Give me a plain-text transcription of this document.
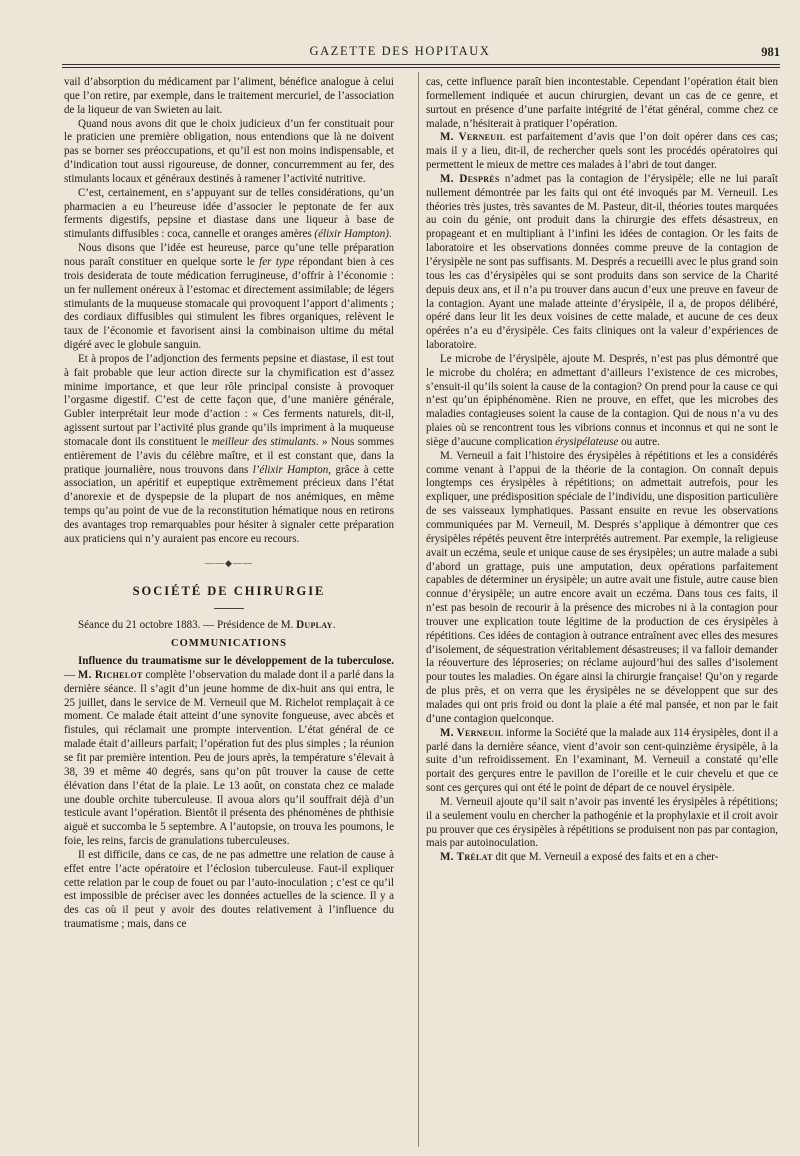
GAZETTE DES HOPITAUX	981

vail d’absorption du médicament par l’aliment, bénéfice analogue à celui que l’on retire, par exemple, dans le traitement mercuriel, de l’association de la liqueur de van Swieten au lait.

Quand nous avons dit que le choix judicieux d’un fer constituait pour le praticien une première obligation, nous entendions que là ne doivent pas se borner ses préoccupations, et qu’il est non moins indispensable, et d’indication tout aussi rigoureuse, de donner, concurremment au fer, des stimulants locaux et généraux destinés à ramener l’activité nutritive.

C’est, certainement, en s’appuyant sur de telles considérations, qu’un pharmacien a eu l’heureuse idée d’associer le peptonate de fer aux ferments digestifs, pepsine et diastase dans une liqueur à base de stimulants diffusibles : coca, cannelle et oranges amères (élixir Hampton).

Nous disons que l’idée est heureuse, parce qu’une telle préparation nous paraît constituer en quelque sorte le fer type répondant bien à ces trois desiderata de toute médication ferrugineuse, d’offrir à l’économie : un fer nullement onéreux à l’estomac et directement assimilable; de légers stimulants de la muqueuse stomacale qui provoquent l’apport d’aliments ; des cordiaux diffusibles qui stimulent les fibres organiques, relèvent le taux de l’économie et favorisent ainsi la combinaison ultime du métal digéré avec le globule sanguin.

Et à propos de l’adjonction des ferments pepsine et diastase, il est tout à fait probable que leur action directe sur la chymification est d’assez minime importance, et que leur rôle principal consiste à provoquer l’orgasme digestif. C’est de cette façon que, d’une manière générale, Gubler interprétait leur mode d’action : « Ces ferments naturels, dit-il, agissent surtout par l’activité plus grande qu’ils impriment à la muqueuse stomacale dont ils constituent le meilleur des stimulants. » Nous sommes entièrement de l’avis du célèbre maître, et il est constant que, dans la pratique journalière, nous trouvons dans l’élixir Hampton, grâce à cette association, un apéritif et eupeptique extrêmement précieux dans l’état d’anorexie et de dyspepsie de la plupart de nos anémiques, en même temps qu’au point de vue de la reconstitution hématique nous en retirons des avantages trop remarquables pour hésiter à signaler cette préparation aux praticiens qui n’y auraient pas encore eu recours.

——◆——
SOCIÉTÉ DE CHIRURGIE

Séance du 21 octobre 1883. — Présidence de M. Duplay.

COMMUNICATIONS

Influence du traumatisme sur le développement de la tuberculose. — M. Richelot complète l’observation du malade dont il a parlé dans la dernière séance. Il s’agit d’un jeune homme de dix-huit ans qui entra, le 25 juillet, dans le service de M. Verneuil que M. Richelot remplaçait à ce moment. Ce malade était atteint d’une synovite fongueuse, avec abcès et fistules, qui réclamait une prompte intervention. L’état général de ce malade était d’ailleurs parfait; l’opération fut des plus simples ; la réunion se fit par première intention. Peu de jours après, la température s’élevait à 38, 39 et même 40 degrés, sans qu’on pût trouver la cause de cette élévation dans l’état de la plaie. Le 13 août, on constata chez ce malade une double orchite tuberculeuse. Il avoua alors qu’il souffrait déjà d’un testicule avant l’opération. Bientôt il présenta des phénomènes de phthisie aiguë et succomba le 5 septembre. A l’autopsie, on trouva les poumons, le foie, les reins, farcis de granulations tuberculeuses.

Il est difficile, dans ce cas, de ne pas admettre une relation de cause à effet entre l’acte opératoire et l’éclosion tuberculeuse. Faut-il expliquer cette relation par le coup de fouet ou par l’auto-inoculation ; c’est ce qu’il est impossible de préciser avec les données actuelles de la science. Il y a des cas où il peut y avoir des doutes relativement à l’influence du traumatisme ; mais, dans ce

cas, cette influence paraît bien incontestable. Cependant l’opération était bien formellement indiquée et aucun chirurgien, devant un cas de ce genre, et surtout en présence d’une parfaite intégrité de l’état général, comme chez ce malade, n’hésiterait à pratiquer l’opération.

M. Verneuil est parfaitement d’avis que l’on doit opérer dans ces cas; mais il y a lieu, dit-il, de rechercher quels sont les procédés opératoires qui permettent le mieux de mettre ces malades à l’abri de tout danger.

M. Després n’admet pas la contagion de l’érysipèle; elle ne lui paraît nullement démontrée par les faits qui ont été invoqués par M. Verneuil. Les théories très justes, très savantes de M. Pasteur, dit-il, théories toutes marquées au coin du génie, ont produit dans la chirurgie des effets désastreux, en propageant et en multipliant à l’infini les idées de contagion. Or les faits de laboratoire et les observations données comme preuve de la contagion de l’érysipèle ne sont pas suffisants. M. Després a recueilli avec le plus grand soin tous les cas d’érysipèles qui se sont produits dans son service de la Charité depuis deux ans, et il n’a pu trouver dans aucun d’eux une preuve en faveur de la contagion. Ayant une malade atteinte d’érysipèle, il a, de propos délibéré, opéré dans leur lit les deux voisines de cette malade, et aucune de ces deux opérées n’a eu d’érysipèle. Ces faits cliniques ont la valeur d’expériences de laboratoire.

Le microbe de l’érysipèle, ajoute M. Després, n’est pas plus démontré que le microbe du choléra; en admettant d’ailleurs l’existence de ces microbes, s’ensuit-il qu’ils soient la cause de la contagion? On prend pour la cause ce qui n’est qu’un épiphénomène. Rien ne prouve, en effet, que les microbes des maladies contagieuses soient la cause de la contagion. Qui de nous n’a vu des plaies où se rencontrent tous les vibrions connus et inconnus et qui ne sont le siège d’aucune complication érysipélateuse ou autre.

M. Verneuil a fait l’histoire des érysipèles à répétitions et les a considérés comme venant à l’appui de la théorie de la contagion. On connaît depuis longtemps ces érysipèles à répétitions; on admettait autrefois, pour les expliquer, une prédisposition spéciale de l’individu, une disposition particulière de ses vaisseaux lymphatiques. Passant ensuite en revue les observations communiquées par M. Verneuil, M. Després s’applique à démontrer que ces érysipèles répétés peuvent être interprétés autrement. Par exemple, la religieuse avait un eczéma, seule et unique cause de ses érysipèles; un autre malade a subi d’abord un grattage, puis une amputation, deux opérations parfaitement capables de déterminer un érysipèle; un autre avait une fistule, autre cause bien connue d’érysipèle; un autre encore avait un eczéma. Dans tous ces faits, il n’est pas besoin de recourir à la présence des microbes ni à la contagion pour trouver une explication toute légitime de la production de ces érysipèles à répétitions. Ces idées de contagion à outrance entraînent avec elles des mesures d’isolement, de séquestration véritablement désastreuses; il va falloir demander la réouverture des léproseries; on réclame aujourd’hui des salles d’isolement pour toutes les maladies. On égare ainsi la chirurgie française! Qu’on y regarde de plus près, et on verra que les érysipèles ne se développent que sur des malades qui ont pris froid ou dont la plaie a été mal pansée, et non par le fait d’une contagion quelconque.

M. Verneuil informe la Société que la malade aux 114 érysipèles, dont il a parlé dans la dernière séance, vient d’avoir son cent-quinzième érysipèle, à la suite d’un refroidissement. En l’examinant, M. Verneuil a constaté qu’elle portait des gerçures entre le pavillon de l’oreille et le cuir chevelu et que ce sont ces gerçures qui ont été le point de départ de ce nouvel érysipèle.

M. Verneuil ajoute qu’il sait n’avoir pas inventé les érysipèles à répétitions; il a seulement voulu en chercher la pathogénie et la prophylaxie et il croit avoir pu prouver que ces érysipèles à répétitions se produisent non pas par contagion, mais par autoinoculation.

M. Trélat dit que M. Verneuil a exposé des faits et en a cher-
